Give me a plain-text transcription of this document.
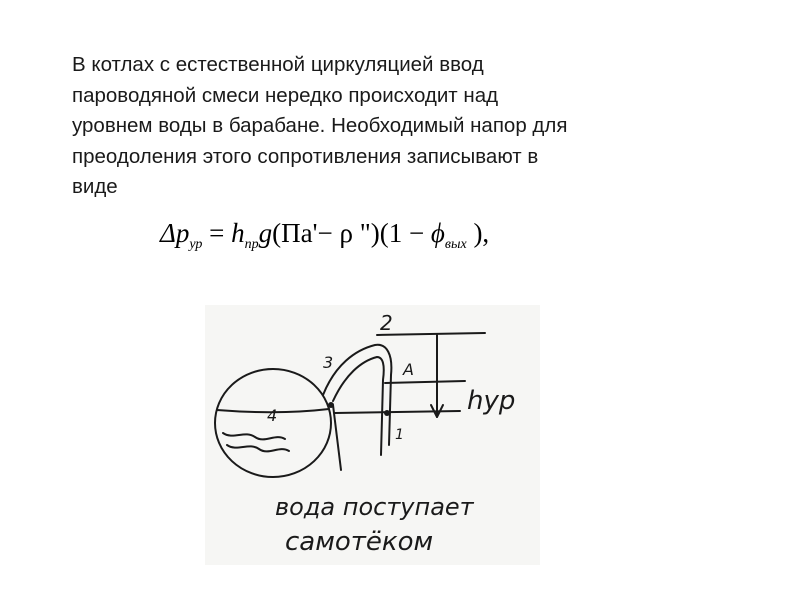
В котлах с естественной циркуляцией ввод
пароводяной смеси нередко происходит над
уровнем воды в барабане. Необходимый напор для
преодоления этого сопротивления записывают в
виде
$\Delta p_{ур} = h_{пр}g(Па'- \rho$ ")($1 - \phi_{вых}$ ),
2
3
4
A
1
hур
вода поступает
самотёком
